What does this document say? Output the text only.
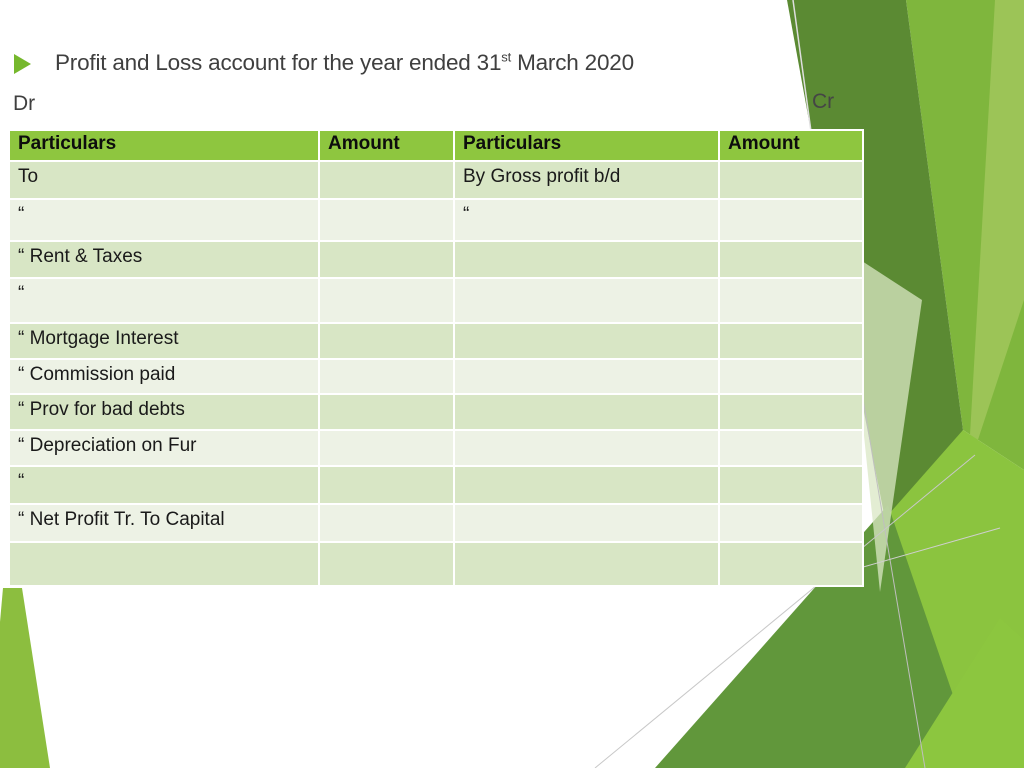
Profit and Loss account for the year ended 31st March 2020
Dr	Cr
Particulars	Amount	Particulars	Amount
To		By Gross profit b/d	
“		“	
“ Rent & Taxes			
“			
“ Mortgage Interest			
“ Commission paid			
“ Prov for bad debts			
“ Depreciation on Fur			
“			
“ Net Profit Tr. To Capital			
